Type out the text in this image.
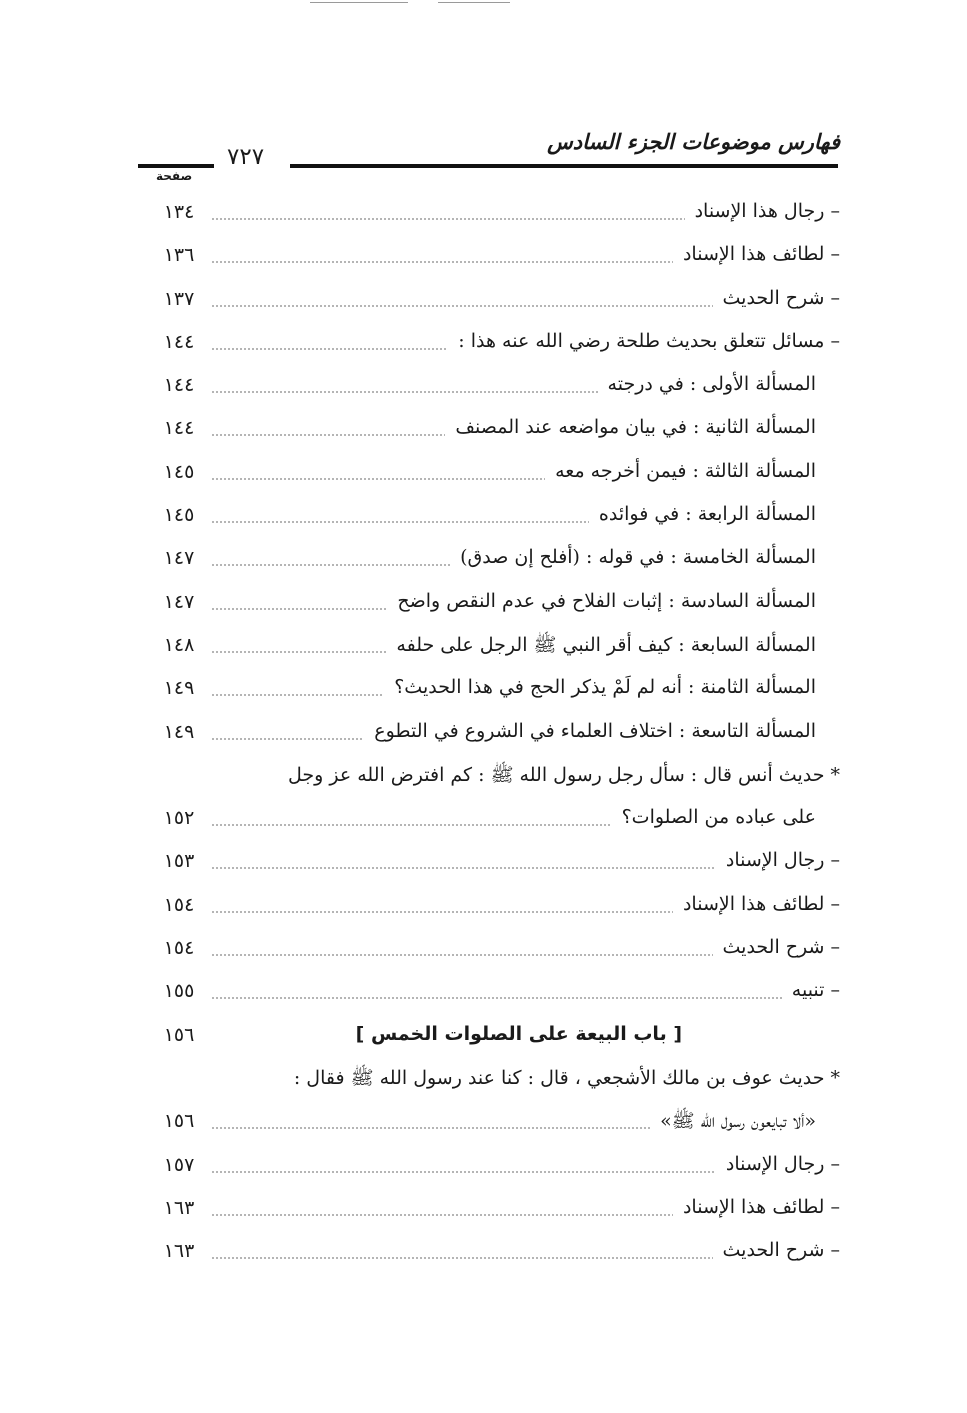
فهارس موضوعات الجزء السادس
٧٢٧
صفحة
١٣٤	– رجال هذا الإسناد
١٣٦	– لطائف هذا الإسناد
١٣٧	– شرح الحديث
١٤٤	– مسائل تتعلق بحديث طلحة رضي الله عنه هذا :
١٤٤	المسألة الأولى : في درجته
١٤٤	المسألة الثانية : في بيان مواضعه عند المصنف
١٤٥	المسألة الثالثة : فيمن أخرجه معه
١٤٥	المسألة الرابعة : في فوائده
١٤٧	المسألة الخامسة : في قوله : (أفلح إن صدق)
١٤٧	المسألة السادسة : إثبات الفلاح في عدم النقص واضح
١٤٨	المسألة السابعة : كيف أقر النبي ﷺ الرجل على حلفه
١٤٩	المسألة الثامنة : أنه لم لَمْ يذكر الحج في هذا الحديث؟
١٤٩	المسألة التاسعة : اختلاف العلماء في الشروع في التطوع
* حديث أنس قال : سأل رجل رسول الله ﷺ : كم افترض الله عز وجل
١٥٢	على عباده من الصلوات؟
١٥٣	– رجال الإسناد
١٥٤	– لطائف هذا الإسناد
١٥٤	– شرح الحديث
١٥٥	– تنبيه
١٥٦	[ باب البيعة على الصلوات الخمس ]
* حديث عوف بن مالك الأشجعي ، قال : كنا عند رسول الله ﷺ فقال :
١٥٦	«ألا تبايعون رسول الله ﷺ»
١٥٧	– رجال الإسناد
١٦٣	– لطائف هذا الإسناد
١٦٣	– شرح الحديث
